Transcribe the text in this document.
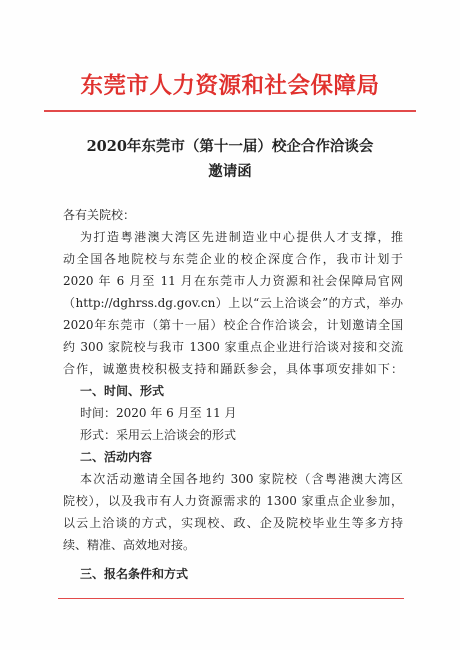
东莞市人力资源和社会保障局
2020年东莞市（第十一届）校企合作洽谈会
邀请函
各有关院校：
为打造粤港澳大湾区先进制造业中心提供人才支撑，推
动全国各地院校与东莞企业的校企深度合作，我市计划于
2020 年 6 月至 11 月在东莞市人力资源和社会保障局官网
（http://dghrss.dg.gov.cn）上以“云上洽谈会”的方式，举办
2020年东莞市（第十一届）校企合作洽谈会，计划邀请全国
约 300 家院校与我市 1300 家重点企业进行洽谈对接和交流
合作，诚邀贵校积极支持和踊跃参会，具体事项安排如下：
一、时间、形式
时间：2020 年 6 月至 11 月
形式：采用云上洽谈会的形式
二、活动内容
本次活动邀请全国各地约 300 家院校（含粤港澳大湾区
院校），以及我市有人力资源需求的 1300 家重点企业参加，
以云上洽谈的方式，实现校、政、企及院校毕业生等多方持
续、精准、高效地对接。
三、报名条件和方式
